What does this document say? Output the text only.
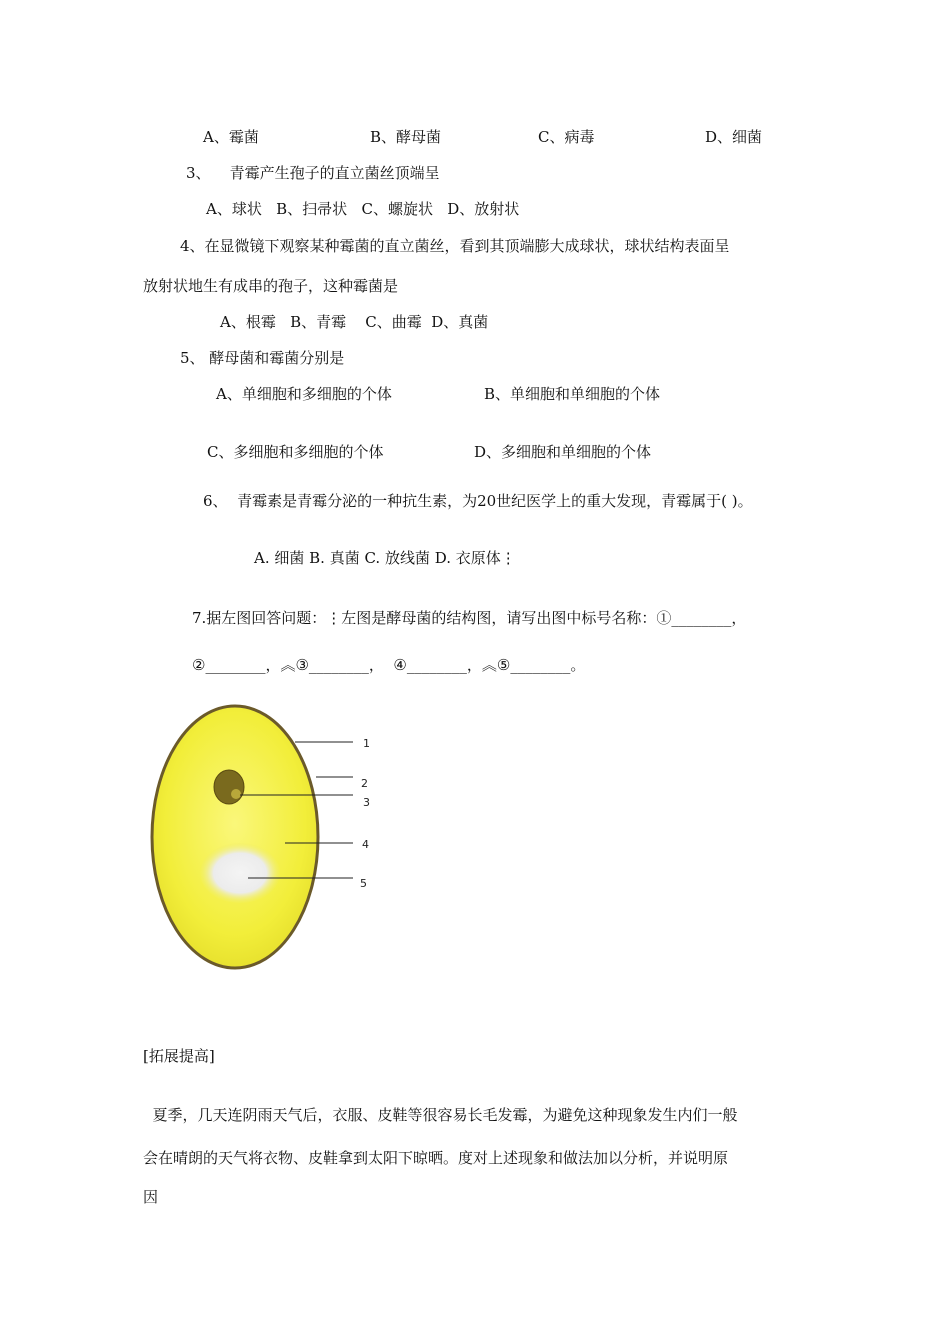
A、霉菌	B、酵母菌	C、病毒	D、细菌
3、    青霉产生孢子的直立菌丝顶端呈
A、球状   B、扫帚状   C、螺旋状   D、放射状
4、在显微镜下观察某种霉菌的直立菌丝，看到其顶端膨大成球状，球状结构表面呈
放射状地生有成串的孢子，这种霉菌是
A、根霉   B、青霉    C、曲霉  D、真菌
5、 酵母菌和霉菌分别是
A、单细胞和多细胞的个体	B、单细胞和单细胞的个体
C、多细胞和多细胞的个体	D、多细胞和单细胞的个体
6、  青霉素是青霉分泌的一种抗生素，为20世纪医学上的重大发现，青霉属于( )。
A. 细菌 B. 真菌 C. 放线菌 D. 衣原体⋮
7.据左图回答问题：⋮左图是酵母菌的结构图，请写出图中标号名称：①________，
②________，︽③________，  ④________，︽⑤________。
1
2
3
4
5
[拓展提高]
夏季，几天连阴雨天气后，衣服、皮鞋等很容易长毛发霉，为避免这种现象发生内们一般
会在晴朗的天气将衣物、皮鞋拿到太阳下晾晒。度对上述现象和做法加以分析，并说明原
因
